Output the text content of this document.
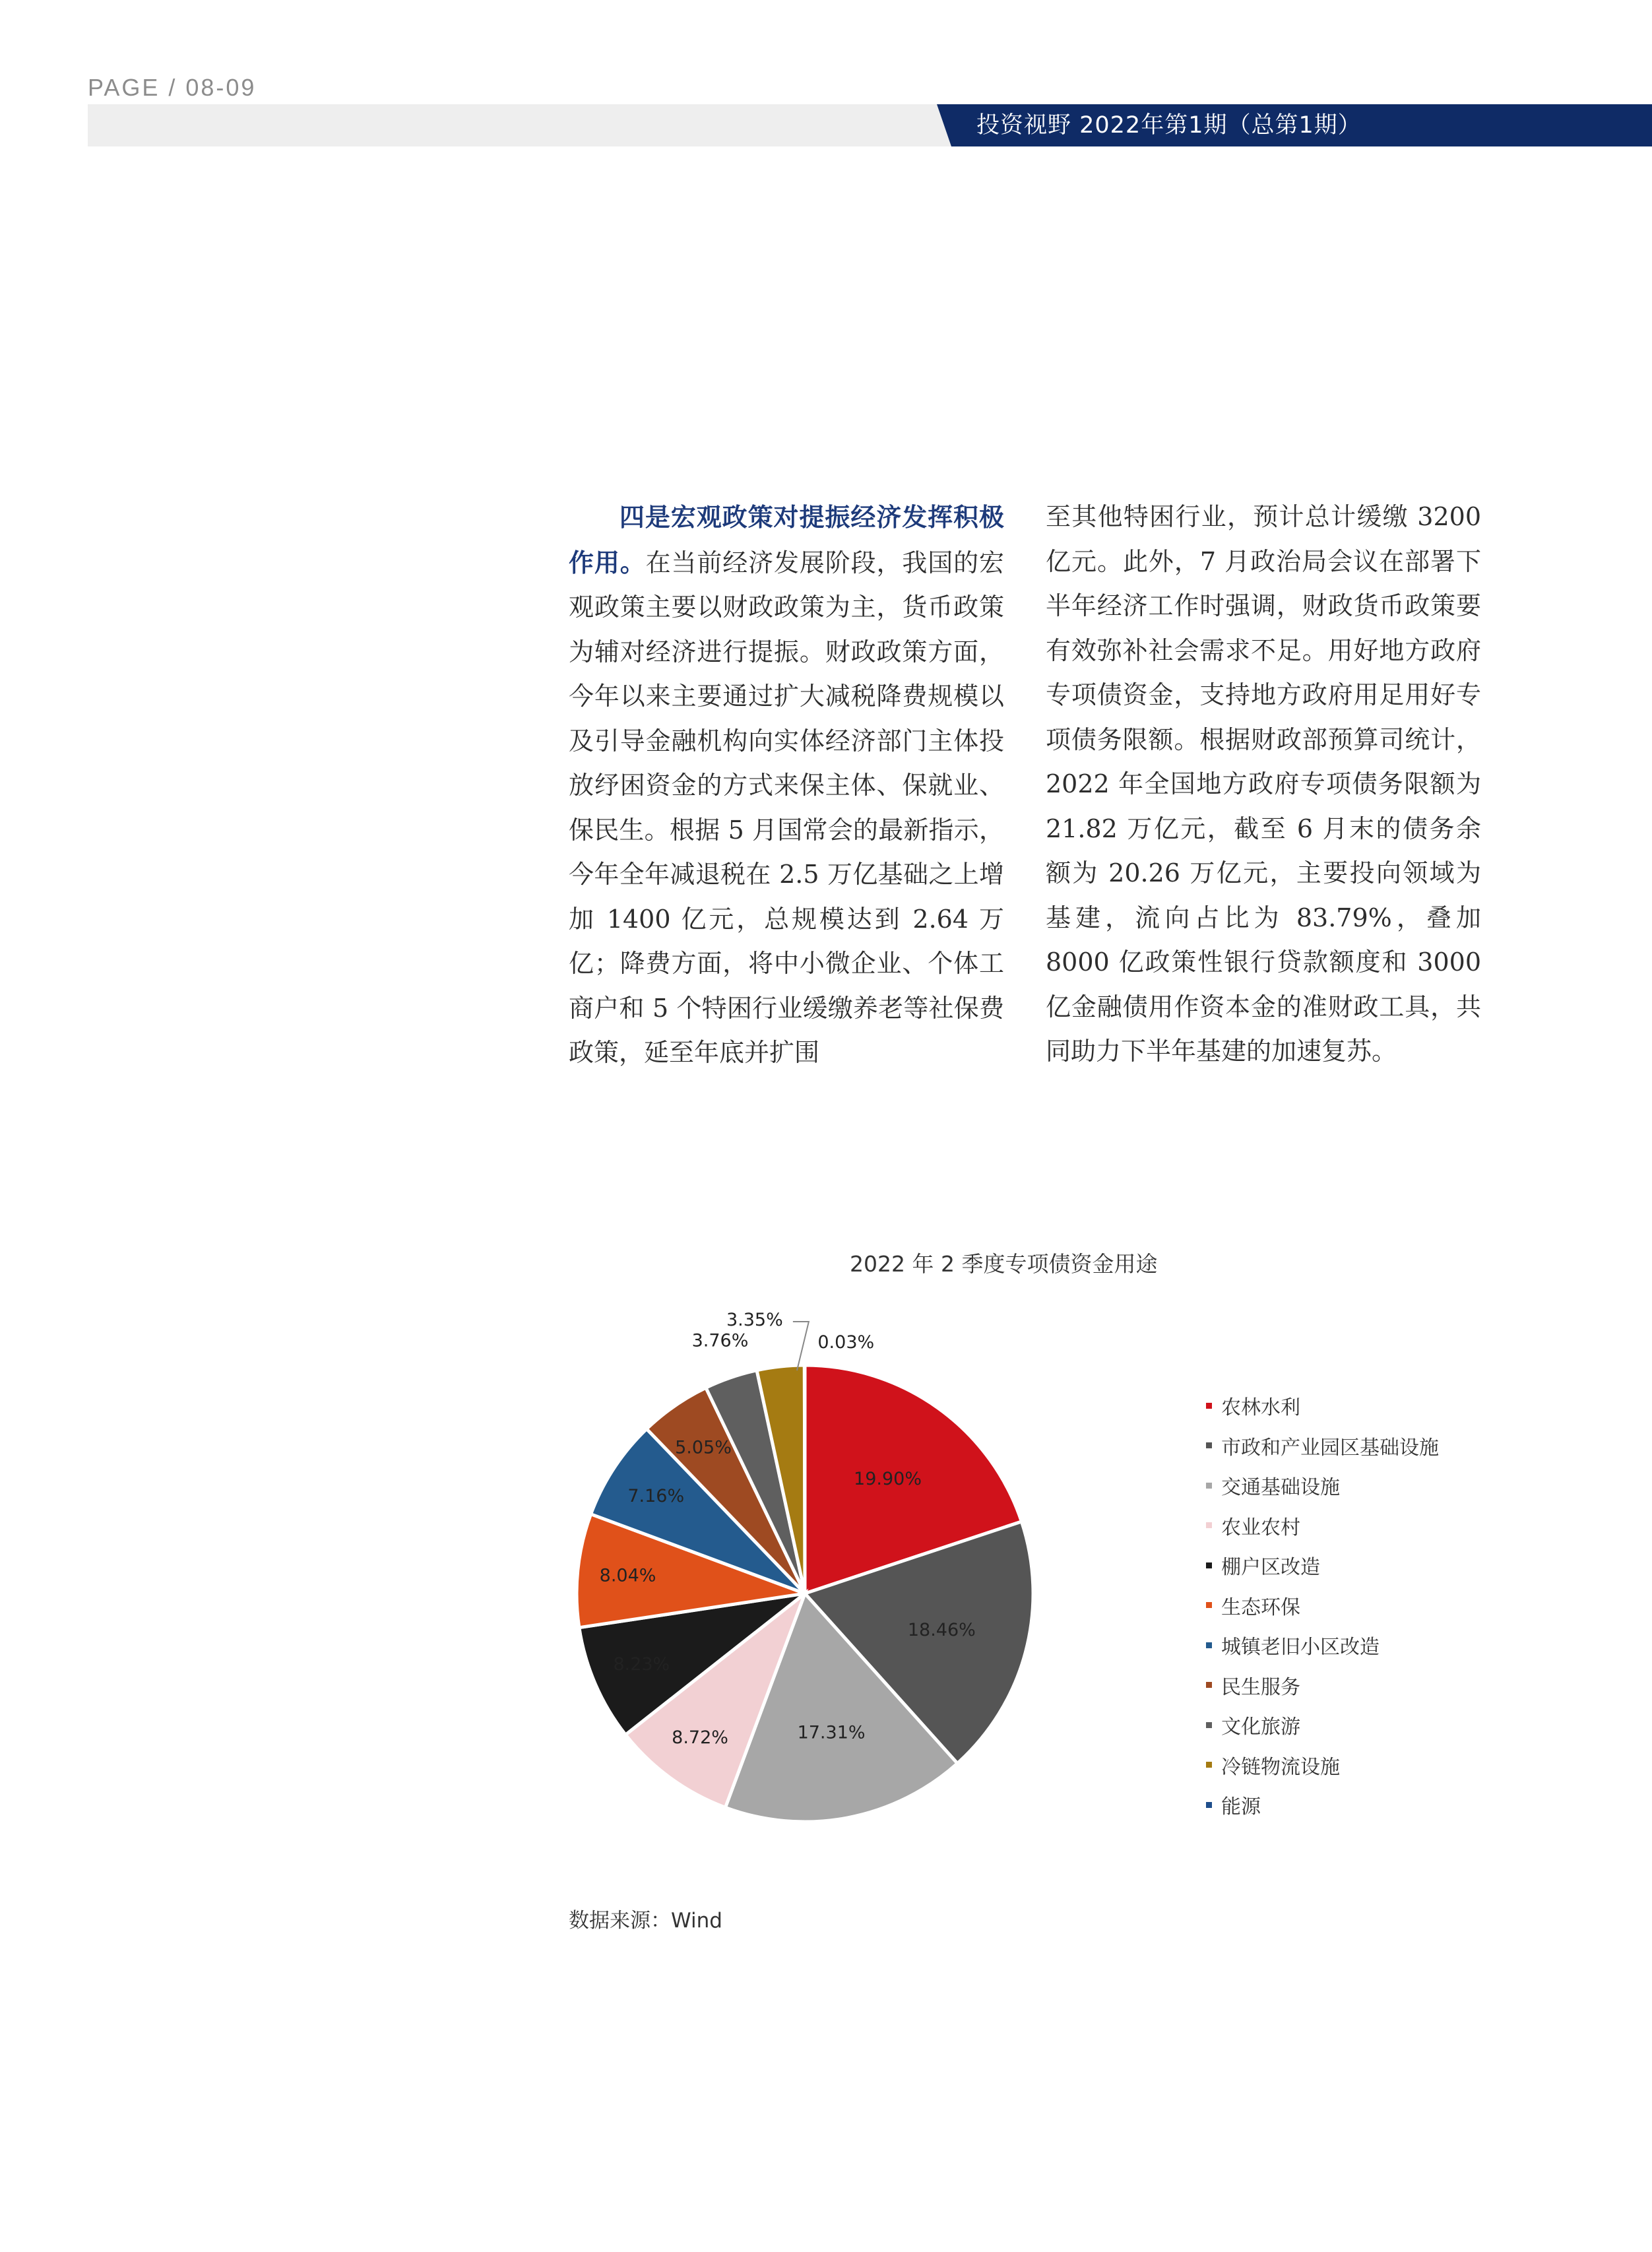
PAGE / 08-09
投资视野 2022年第1期（总第1期）

四是宏观政策对提振经济发挥积极作用。在当前经济发展阶段，我国的宏观政策主要以财政政策为主，货币政策为辅对经济进行提振。财政政策方面，今年以来主要通过扩大减税降费规模以及引导金融机构向实体经济部门主体投放纾困资金的方式来保主体、保就业、保民生。根据 5 月国常会的最新指示，今年全年减退税在 2.5 万亿基础之上增加 1400 亿元，总规模达到 2.64 万亿；降费方面，将中小微企业、个体工商户和 5 个特困行业缓缴养老等社保费政策，延至年底并扩围

至其他特困行业，预计总计缓缴 3200 亿元。此外，7 月政治局会议在部署下半年经济工作时强调，财政货币政策要有效弥补社会需求不足。用好地方政府专项债资金，支持地方政府用足用好专项债务限额。根据财政部预算司统计，2022 年全国地方政府专项债务限额为 21.82 万亿元，截至 6 月末的债务余额为 20.26 万亿元，主要投向领域为基建，流向占比为 83.79%，叠加 8000 亿政策性银行贷款额度和 3000 亿金融债用作资本金的准财政工具，共同助力下半年基建的加速复苏。

2022 年 2 季度专项债资金用途
19.90%
18.46%
17.31%
8.72%
8.23%
8.04%
7.16%
5.05%
3.76%
3.35%
0.03%
农林水利
市政和产业园区基础设施
交通基础设施
农业农村
棚户区改造
生态环保
城镇老旧小区改造
民生服务
文化旅游
冷链物流设施
能源
数据来源：Wind
